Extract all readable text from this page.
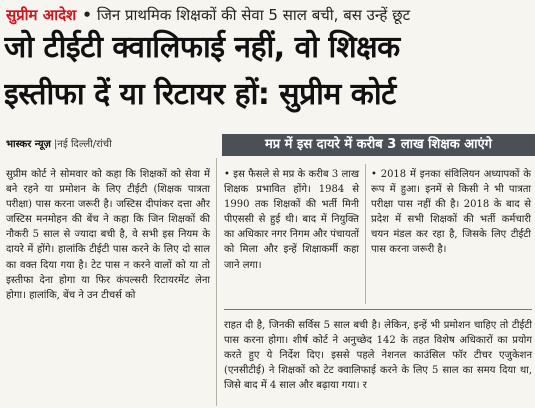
सुप्रीम आदेश • जिन प्राथमिक शिक्षकों की सेवा 5 साल बची, बस उन्हें छूट
जो टीईटी क्वालिफाई नहीं, वो शिक्षक
इस्तीफा दें या रिटायर हों: सुप्रीम कोर्ट
भास्कर न्यूज़ |नई दिल्ली/रांची	मप्र में इस दायरे में करीब 3 लाख शिक्षक आएंगे

सुप्रीम कोर्ट ने सोमवार को कहा कि शिक्षकों को सेवा में बने रहने या प्रमोशन के लिए टीईटी (शिक्षक पात्रता परीक्षा) पास करना जरूरी है। जस्टिस दीपांकर दत्ता और जस्टिस मनमोहन की बेंच ने कहा कि जिन शिक्षकों की नौकरी 5 साल से ज्यादा बची है, वे सभी इस नियम के दायरे में होंगे। हालांकि टीईटी पास करने के लिए दो साल का वक्त दिया गया है। टेट पास न करने वालों को या तो इस्तीफा देना होगा या फिर कंपल्सरी रिटायरमेंट लेना होगा। हालांकि, बेंच ने उन टीचर्स को

• इस फैसले से मप्र के करीब 3 लाख शिक्षक प्रभावित होंगे। 1984 से 1990 तक शिक्षकों की भर्ती मिनी पीएससी से हुई थी। बाद में नियुक्ति का अधिकार नगर निगम और पंचायतों को मिला और इन्हें शिक्षाकर्मी कहा जाने लगा।

• 2018 में इनका संविलियन अध्यापकों के रूप में हुआ। इनमें से किसी ने भी पात्रता परीक्षा पास नहीं की है। 2018 के बाद से प्रदेश में सभी शिक्षकों की भर्ती कर्मचारी चयन मंडल कर रहा है, जिसके लिए टीईटी पास करना जरूरी है।

राहत दी है, जिनकी सर्विस 5 साल बची है। लेकिन, इन्हें भी प्रमोशन चाहिए तो टीईटी पास करना होगा। शीर्ष कोर्ट ने अनुच्छेद 142 के तहत विशेष अधिकारों का प्रयोग करते हुए ये निर्देश दिए। इससे पहले नेशनल काउंसिल फॉर टीचर एजुकेशन (एनसीटीई) ने शिक्षकों को टेट क्वालिफाई करने के लिए 5 साल का समय दिया था, जिसे बाद में 4 साल और बढ़ाया गया। र
